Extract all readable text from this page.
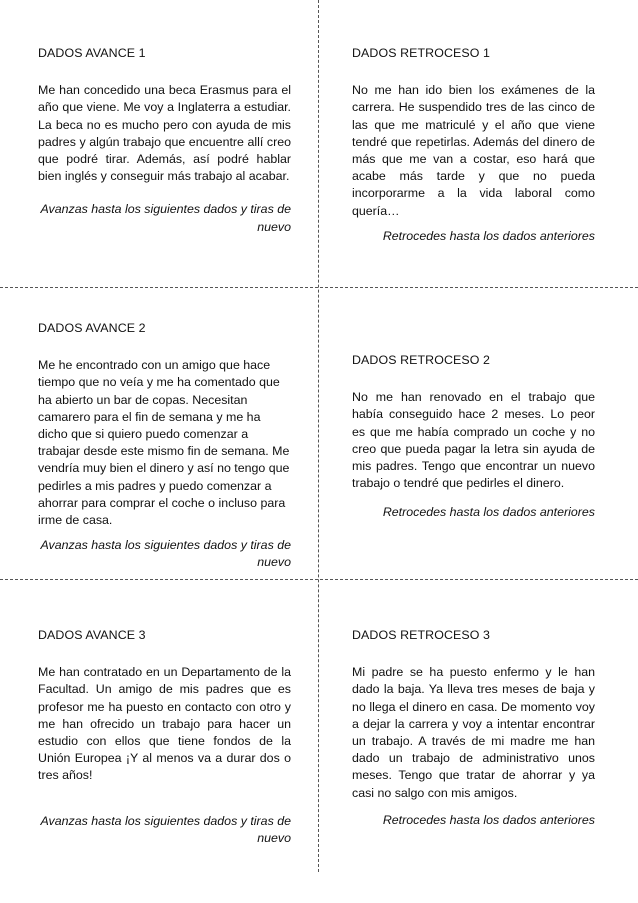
DADOS AVANCE 1

Me han concedido una beca Erasmus para el año que viene. Me voy a Inglaterra a estudiar. La beca no es mucho pero con ayuda de mis padres y algún trabajo que encuentre allí creo que podré tirar. Además, así podré hablar bien inglés y conseguir más trabajo al acabar.

Avanzas hasta los siguientes dados y tiras de nuevo

DADOS RETROCESO 1

No me han ido bien los exámenes de la carrera. He suspendido tres de las cinco de las que me matriculé y el año que viene tendré que repetirlas. Además del dinero de más que me van a costar, eso hará que acabe más tarde y que no pueda incorporarme a la vida laboral como quería…

Retrocedes hasta los dados anteriores

DADOS AVANCE 2

Me he encontrado con un amigo que hace tiempo que no veía y me ha comentado que ha abierto un bar de copas. Necesitan camarero para el fin de semana y me ha dicho que si quiero puedo comenzar a trabajar desde este mismo fin de semana. Me vendría muy bien el dinero y así no tengo que pedirles a mis padres y puedo comenzar a ahorrar para comprar el coche o incluso para irme de casa.

Avanzas hasta los siguientes dados y tiras de nuevo

DADOS RETROCESO 2

No me han renovado en el trabajo que había conseguido hace 2 meses. Lo peor es que me había comprado un coche y no creo que pueda pagar la letra sin ayuda de mis padres. Tengo que encontrar un nuevo trabajo o tendré que pedirles el dinero.

Retrocedes hasta los dados anteriores

DADOS AVANCE 3

Me han contratado en un Departamento de la Facultad. Un amigo de mis padres que es profesor me ha puesto en contacto con otro y me han ofrecido un trabajo para hacer un estudio con ellos que tiene fondos de la Unión Europea ¡Y al menos va a durar dos o tres años!

Avanzas hasta los siguientes dados y tiras de nuevo

DADOS RETROCESO 3

Mi padre se ha puesto enfermo y le han dado la baja. Ya lleva tres meses de baja y no llega el dinero en casa. De momento voy a dejar la carrera y voy a intentar encontrar un trabajo. A través de mi madre me han dado un trabajo de administrativo unos meses. Tengo que tratar de ahorrar y ya casi no salgo con mis amigos.

Retrocedes hasta los dados anteriores
